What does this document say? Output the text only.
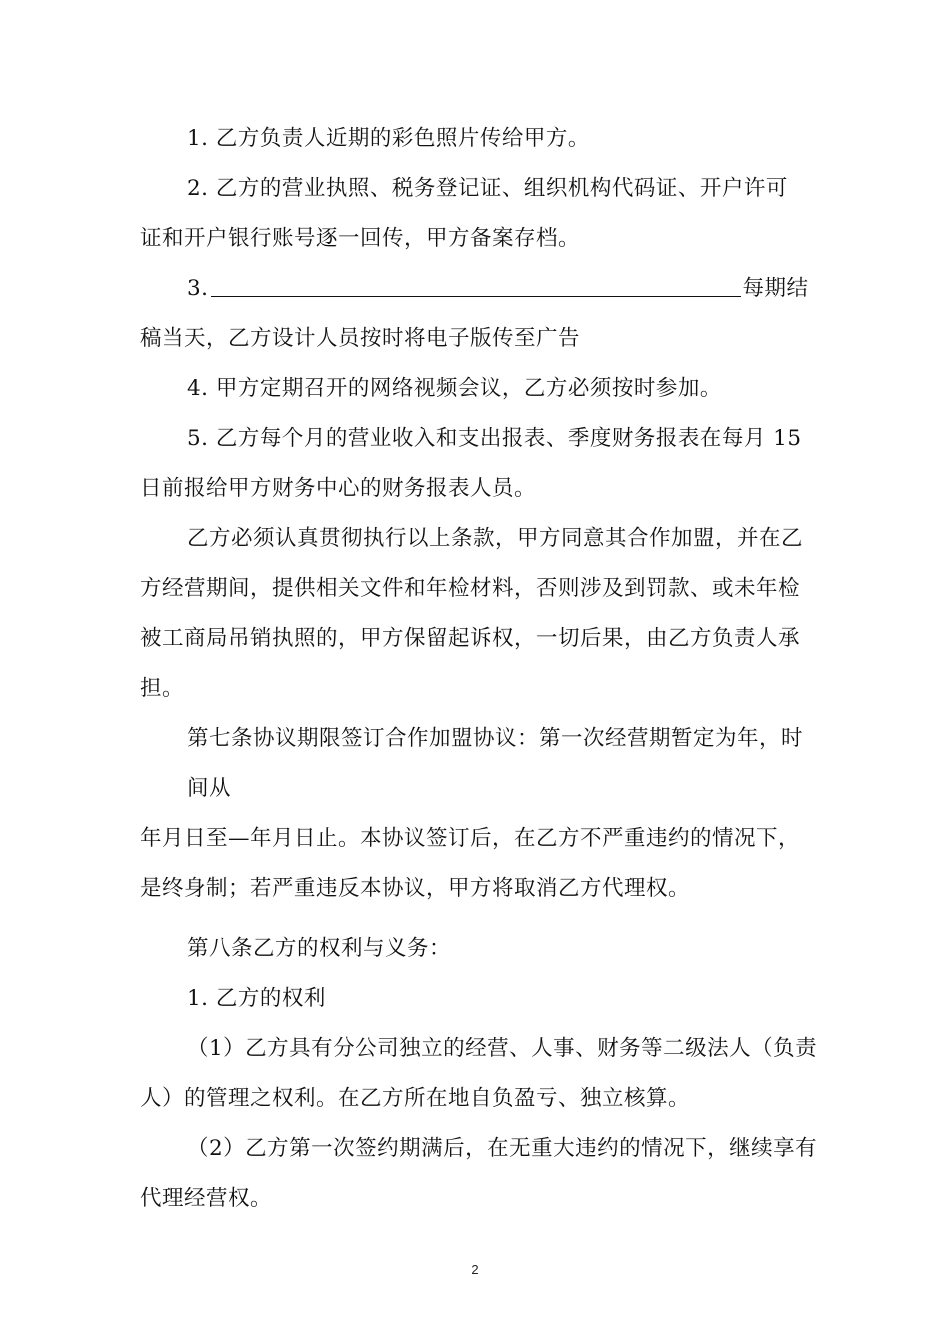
1. 乙方负责人近期的彩色照片传给甲方。
2. 乙方的营业执照、税务登记证、组织机构代码证、开户许可
证和开户银行账号逐一回传，甲方备案存档。
3.	每期结
稿当天，乙方设计人员按时将电子版传至广告
4. 甲方定期召开的网络视频会议，乙方必须按时参加。
5. 乙方每个月的营业收入和支出报表、季度财务报表在每月 15
日前报给甲方财务中心的财务报表人员。
乙方必须认真贯彻执行以上条款，甲方同意其合作加盟，并在乙
方经营期间，提供相关文件和年检材料，否则涉及到罚款、或未年检
被工商局吊销执照的，甲方保留起诉权，一切后果，由乙方负责人承
担。
第七条协议期限签订合作加盟协议：第一次经营期暂定为年，时
间从
年月日至—年月日止。本协议签订后，在乙方不严重违约的情况下，
是终身制；若严重违反本协议，甲方将取消乙方代理权。
第八条乙方的权利与义务：
1. 乙方的权利
（1）乙方具有分公司独立的经营、人事、财务等二级法人（负责
人）的管理之权利。在乙方所在地自负盈亏、独立核算。
（2）乙方第一次签约期满后，在无重大违约的情况下，继续享有
代理经营权。
2
